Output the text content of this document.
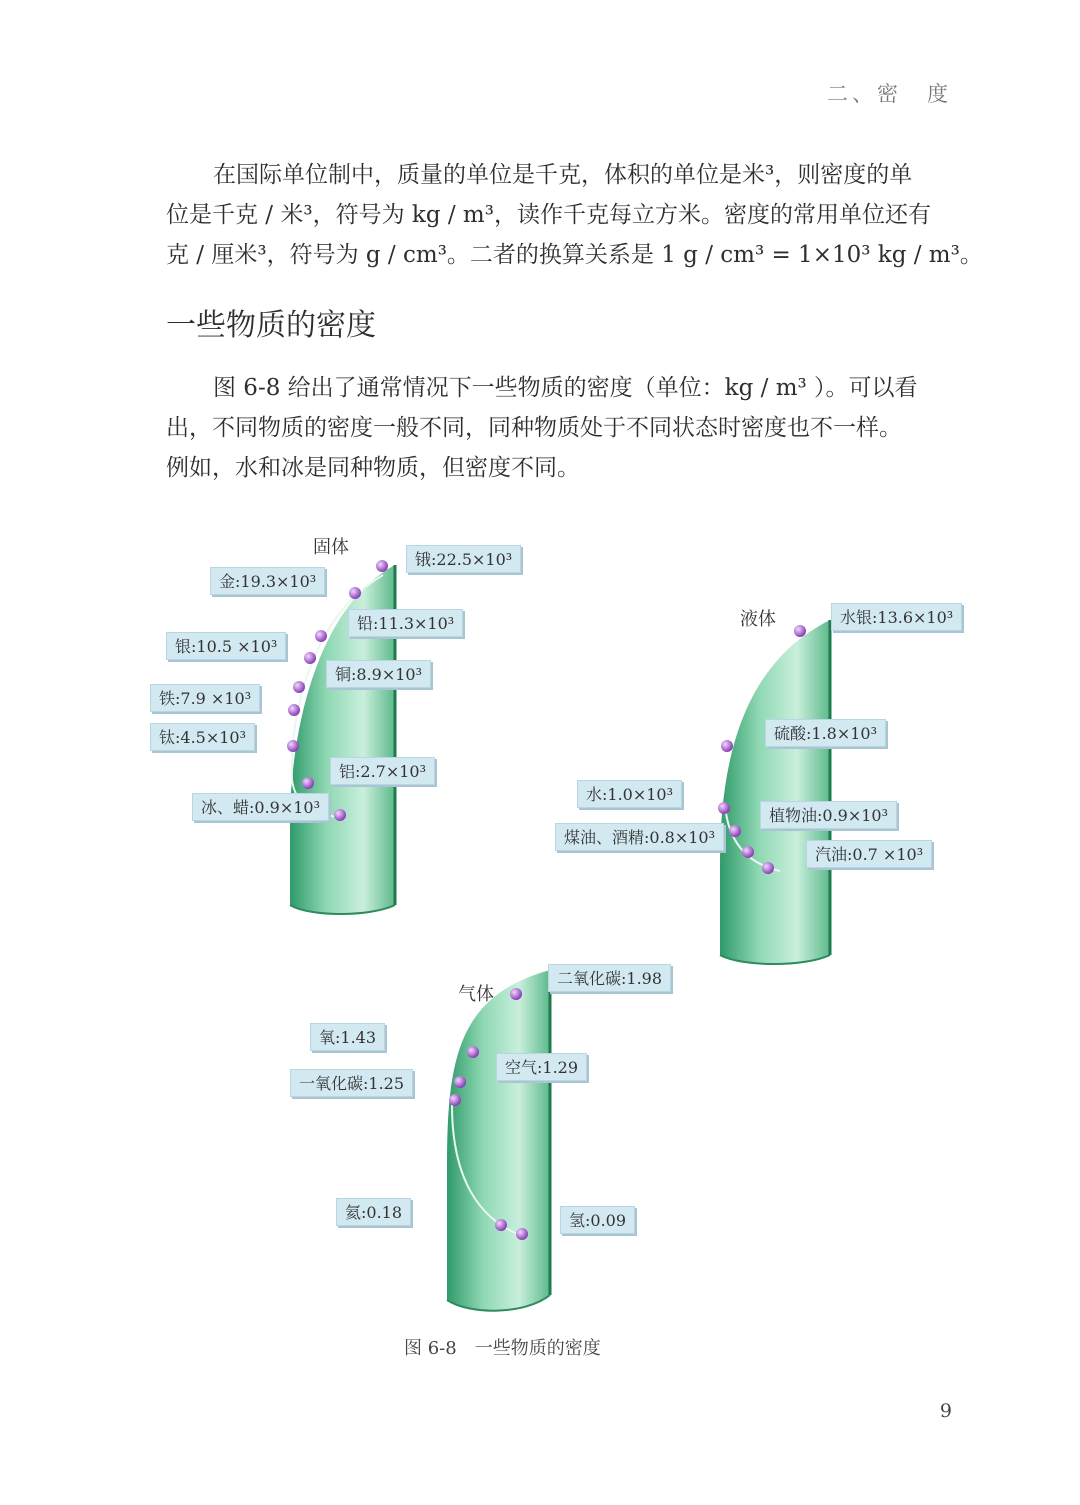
二、密　度
在国际单位制中，质量的单位是千克，体积的单位是米³，则密度的单
位是千克 / 米³，符号为 kg / m³，读作千克每立方米。密度的常用单位还有
克 / 厘米³，符号为 g / cm³。二者的换算关系是 1 g / cm³ = 1×10³ kg / m³。
一些物质的密度
图 6-8 给出了通常情况下一些物质的密度（单位：kg / m³ ）。可以看
出，不同物质的密度一般不同，同种物质处于不同状态时密度也不一样。
例如，水和冰是同种物质，但密度不同。
固体
液体
气体
锇:22.5×10³
金:19.3×10³
铅:11.3×10³
银:10.5 ×10³
铜:8.9×10³
铁:7.9 ×10³
钛:4.5×10³
铝:2.7×10³
冰、蜡:0.9×10³
水银:13.6×10³
硫酸:1.8×10³
水:1.0×10³
植物油:0.9×10³
煤油、酒精:0.8×10³
汽油:0.7 ×10³
二氧化碳:1.98
氧:1.43
空气:1.29
一氧化碳:1.25
氦:0.18	氢:0.09
图 6-8　一些物质的密度
9
